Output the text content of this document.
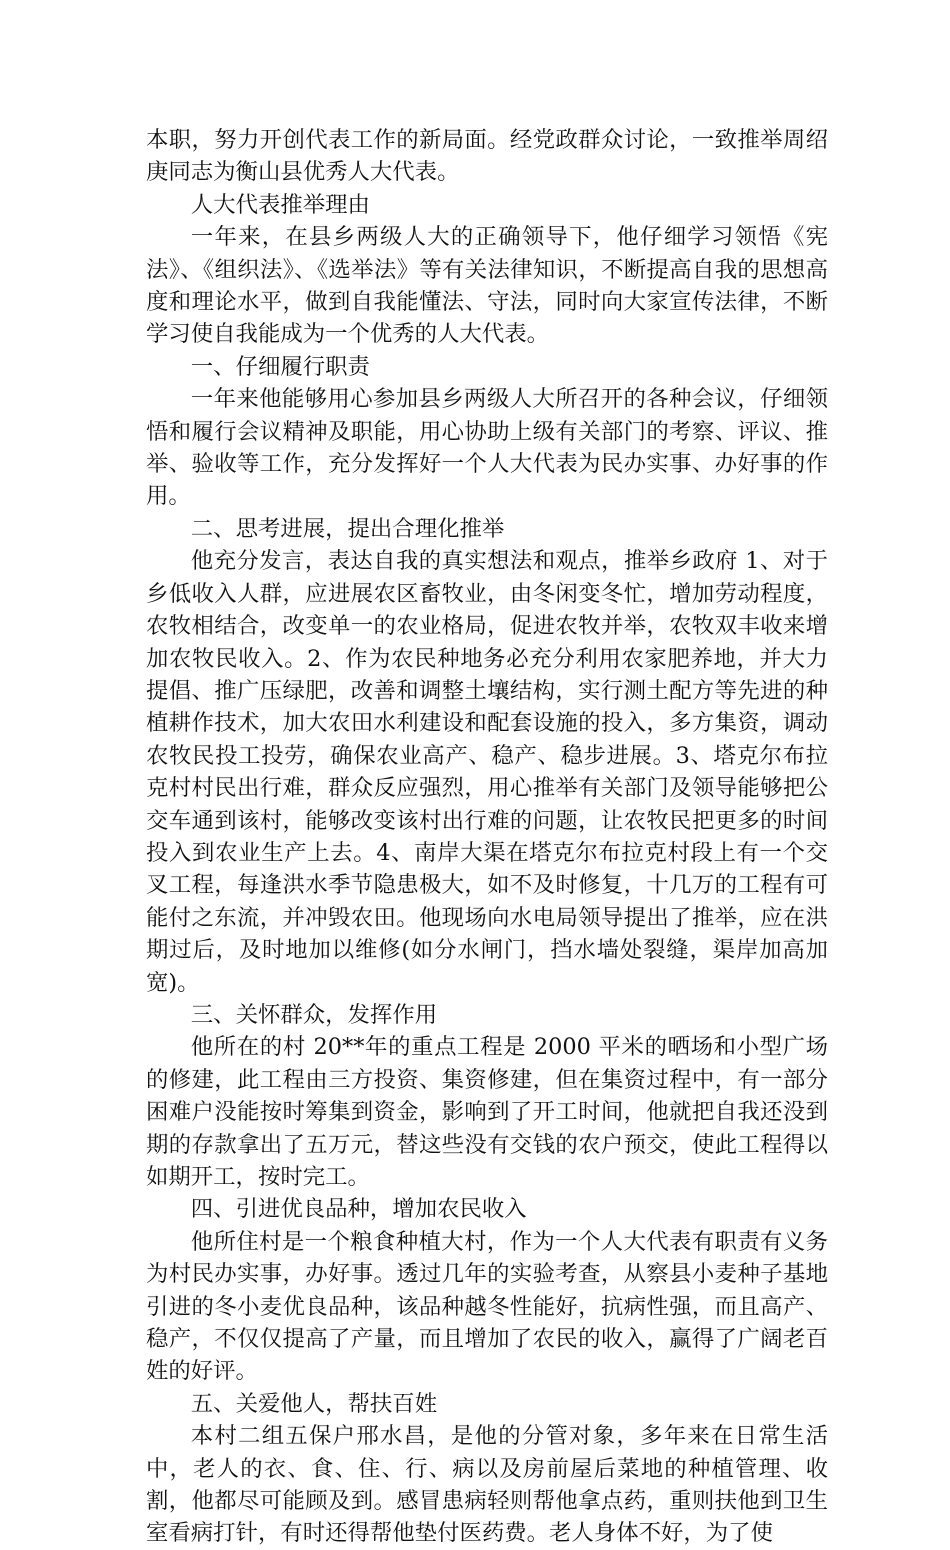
本职，努力开创代表工作的新局面。经党政群众讨论，一致推举周绍庚同志为衡山县优秀人大代表。

人大代表推举理由

一年来，在县乡两级人大的正确领导下，他仔细学习领悟《宪法》、《组织法》、《选举法》等有关法律知识，不断提高自我的思想高度和理论水平，做到自我能懂法、守法，同时向大家宣传法律，不断学习使自我能成为一个优秀的人大代表。

一、仔细履行职责

一年来他能够用心参加县乡两级人大所召开的各种会议，仔细领悟和履行会议精神及职能，用心协助上级有关部门的考察、评议、推举、验收等工作，充分发挥好一个人大代表为民办实事、办好事的作用。

二、思考进展，提出合理化推举

他充分发言，表达自我的真实想法和观点，推举乡政府 1、对于乡低收入人群，应进展农区畜牧业，由冬闲变冬忙，增加劳动程度，农牧相结合，改变单一的农业格局，促进农牧并举，农牧双丰收来增加农牧民收入。2、作为农民种地务必充分利用农家肥养地，并大力提倡、推广压绿肥，改善和调整土壤结构，实行测土配方等先进的种植耕作技术，加大农田水利建设和配套设施的投入，多方集资，调动农牧民投工投劳，确保农业高产、稳产、稳步进展。3、塔克尔布拉克村村民出行难，群众反应强烈，用心推举有关部门及领导能够把公交车通到该村，能够改变该村出行难的问题，让农牧民把更多的时间投入到农业生产上去。4、南岸大渠在塔克尔布拉克村段上有一个交叉工程，每逢洪水季节隐患极大，如不及时修复，十几万的工程有可能付之东流，并冲毁农田。他现场向水电局领导提出了推举，应在洪期过后，及时地加以维修(如分水闸门，挡水墙处裂缝，渠岸加高加宽)。

三、关怀群众，发挥作用

他所在的村 20**年的重点工程是 2000 平米的晒场和小型广场的修建，此工程由三方投资、集资修建，但在集资过程中，有一部分困难户没能按时筹集到资金，影响到了开工时间，他就把自我还没到期的存款拿出了五万元，替这些没有交钱的农户预交，使此工程得以如期开工，按时完工。

四、引进优良品种，增加农民收入

他所住村是一个粮食种植大村，作为一个人大代表有职责有义务为村民办实事，办好事。透过几年的实验考查，从察县小麦种子基地引进的冬小麦优良品种，该品种越冬性能好，抗病性强，而且高产、稳产，不仅仅提高了产量，而且增加了农民的收入，赢得了广阔老百姓的好评。

五、关爱他人，帮扶百姓

本村二组五保户邢水昌，是他的分管对象，多年来在日常生活中，老人的衣、食、住、行、病以及房前屋后菜地的种植管理、收割，他都尽可能顾及到。感冒患病轻则帮他拿点药，重则扶他到卫生室看病打针，有时还得帮他垫付医药费。老人身体不好，为了使
